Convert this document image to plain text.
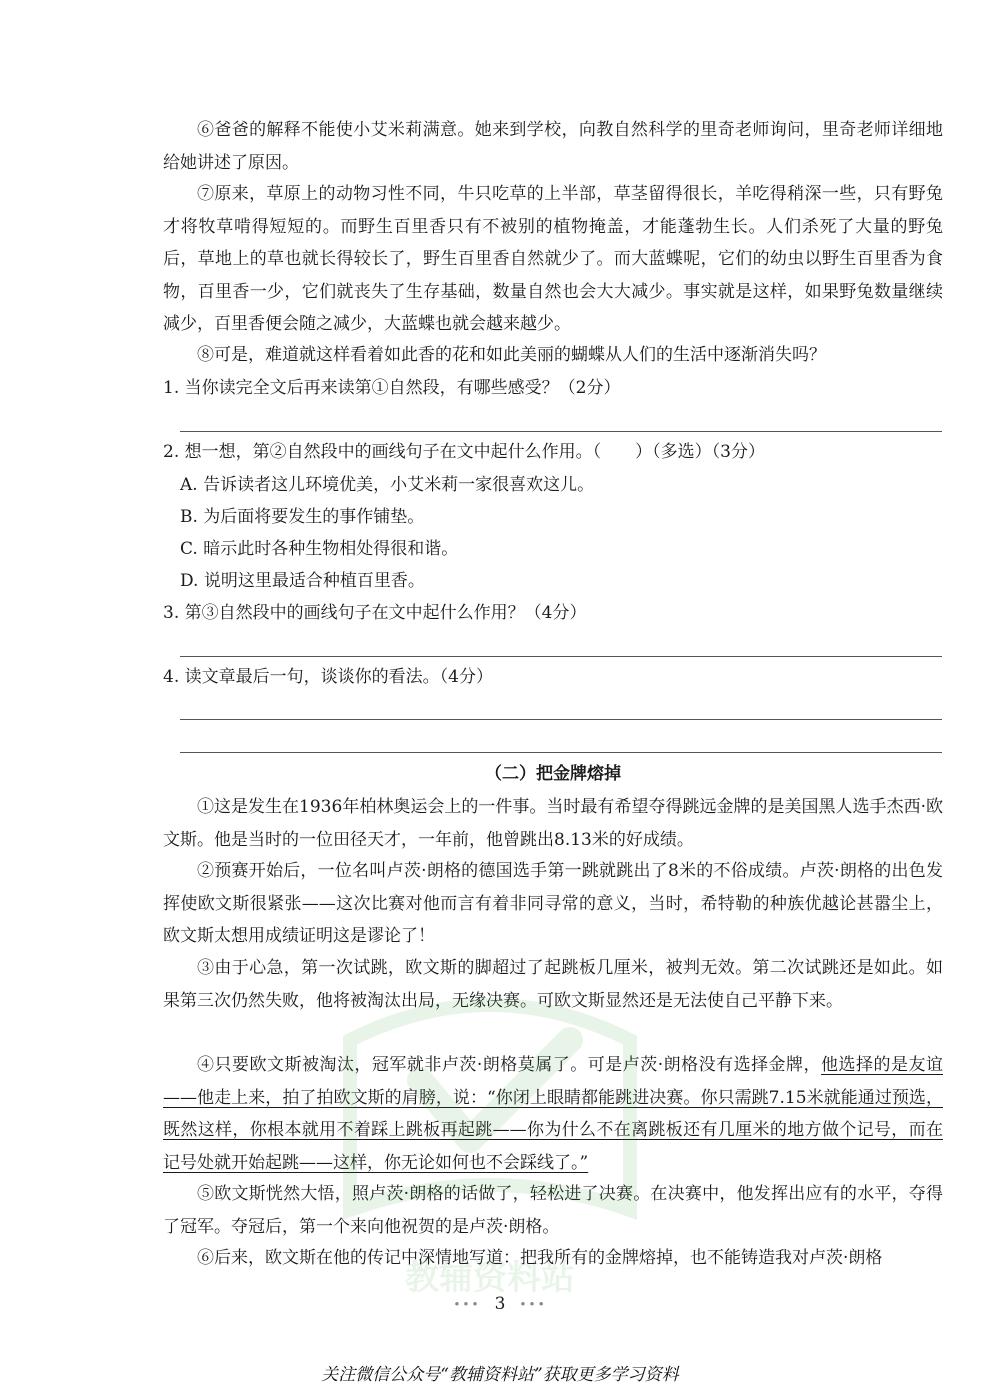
⑥爸爸的解释不能使小艾米莉满意。她来到学校，向教自然科学的里奇老师询问，里奇老师详细地给她讲述了原因。

⑦原来，草原上的动物习性不同，牛只吃草的上半部，草茎留得很长，羊吃得稍深一些，只有野兔才将牧草啃得短短的。而野生百里香只有不被别的植物掩盖，才能蓬勃生长。人们杀死了大量的野兔后，草地上的草也就长得较长了，野生百里香自然就少了。而大蓝蝶呢，它们的幼虫以野生百里香为食物，百里香一少，它们就丧失了生存基础，数量自然也会大大减少。事实就是这样，如果野兔数量继续减少，百里香便会随之减少，大蓝蝶也就会越来越少。

⑧可是，难道就这样看着如此香的花和如此美丽的蝴蝶从人们的生活中逐渐消失吗？

1. 当你读完全文后再来读第①自然段，有哪些感受？（2分）

2. 想一想，第②自然段中的画线句子在文中起什么作用。（　　）（多选）（3分）

A. 告诉读者这儿环境优美，小艾米莉一家很喜欢这儿。

B. 为后面将要发生的事作铺垫。

C. 暗示此时各种生物相处得很和谐。

D. 说明这里最适合种植百里香。

3. 第③自然段中的画线句子在文中起什么作用？（4分）

4. 读文章最后一句，谈谈你的看法。（4分）

（二）把金牌熔掉

①这是发生在1936年柏林奥运会上的一件事。当时最有希望夺得跳远金牌的是美国黑人选手杰西·欧文斯。他是当时的一位田径天才，一年前，他曾跳出8.13米的好成绩。

②预赛开始后，一位名叫卢茨·朗格的德国选手第一跳就跳出了8米的不俗成绩。卢茨·朗格的出色发挥使欧文斯很紧张——这次比赛对他而言有着非同寻常的意义，当时，希特勒的种族优越论甚嚣尘上，欧文斯太想用成绩证明这是谬论了！

③由于心急，第一次试跳，欧文斯的脚超过了起跳板几厘米，被判无效。第二次试跳还是如此。如果第三次仍然失败，他将被淘汰出局，无缘决赛。可欧文斯显然还是无法使自己平静下来。

④只要欧文斯被淘汰，冠军就非卢茨·朗格莫属了。可是卢茨·朗格没有选择金牌，他选择的是友谊——他走上来，拍了拍欧文斯的肩膀，说：“你闭上眼睛都能跳进决赛。你只需跳7.15米就能通过预选，既然这样，你根本就用不着踩上跳板再起跳——你为什么不在离跳板还有几厘米的地方做个记号，而在记号处就开始起跳——这样，你无论如何也不会踩线了。”

⑤欧文斯恍然大悟，照卢茨·朗格的话做了，轻松进了决赛。在决赛中，他发挥出应有的水平，夺得了冠军。夺冠后，第一个来向他祝贺的是卢茨·朗格。

⑥后来，欧文斯在他的传记中深情地写道：把我所有的金牌熔掉，也不能铸造我对卢茨·朗格

教辅资料站
••• 3 •••
关注微信公众号“教辅资料站”获取更多学习资料
